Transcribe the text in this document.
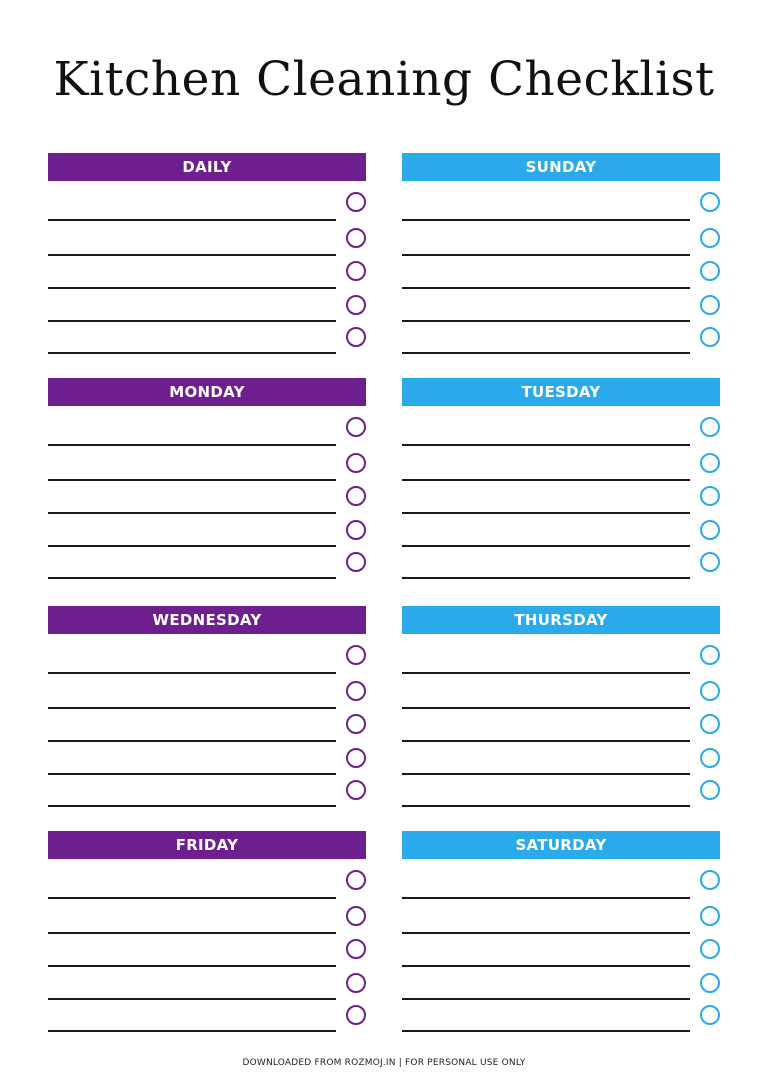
Kitchen Cleaning Checklist
DAILY	SUNDAY
MONDAY	TUESDAY
WEDNESDAY	THURSDAY
FRIDAY	SATURDAY
DOWNLOADED FROM ROZMOJ.IN | FOR PERSONAL USE ONLY
